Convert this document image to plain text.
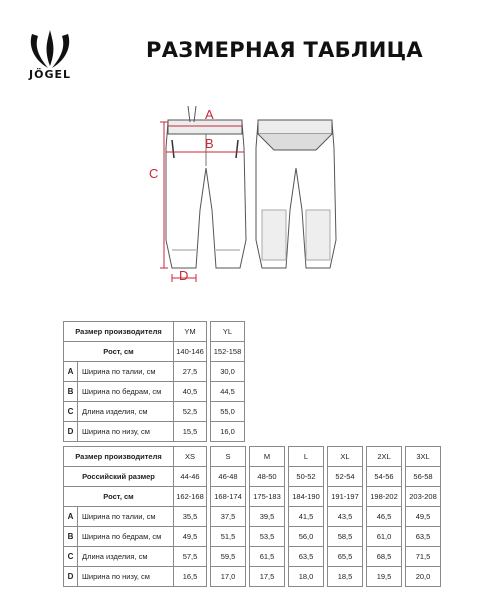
JÖGEL
РАЗМЕРНАЯ ТАБЛИЦА
A
B
C
D
Размер производителя		YM		YL
Рост, см		140-146		152-158
A	Ширина по талии, см	27,5		30,0
B	Ширина по бедрам, см	40,5		44,5
C	Длина изделия, см	52,5		55,0
D	Ширина по низу, см	15,5		16,0
Размер производителя		XS		S		M		L		XL		2XL		3XL
Российский размер		44-46		46-48		48-50		50-52		52-54		54-56		56-58
Рост, см		162-168		168-174		175-183		184-190		191-197		198-202		203-208
A	Ширина по талии, см	35,5		37,5		39,5		41,5		43,5		46,5		49,5
B	Ширина по бедрам, см	49,5		51,5		53,5		56,0		58,5		61,0		63,5
C	Длина изделия, см	57,5		59,5		61,5		63,5		65,5		68,5		71,5
D	Ширина по низу, см	16,5		17,0		17,5		18,0		18,5		19,5		20,0
